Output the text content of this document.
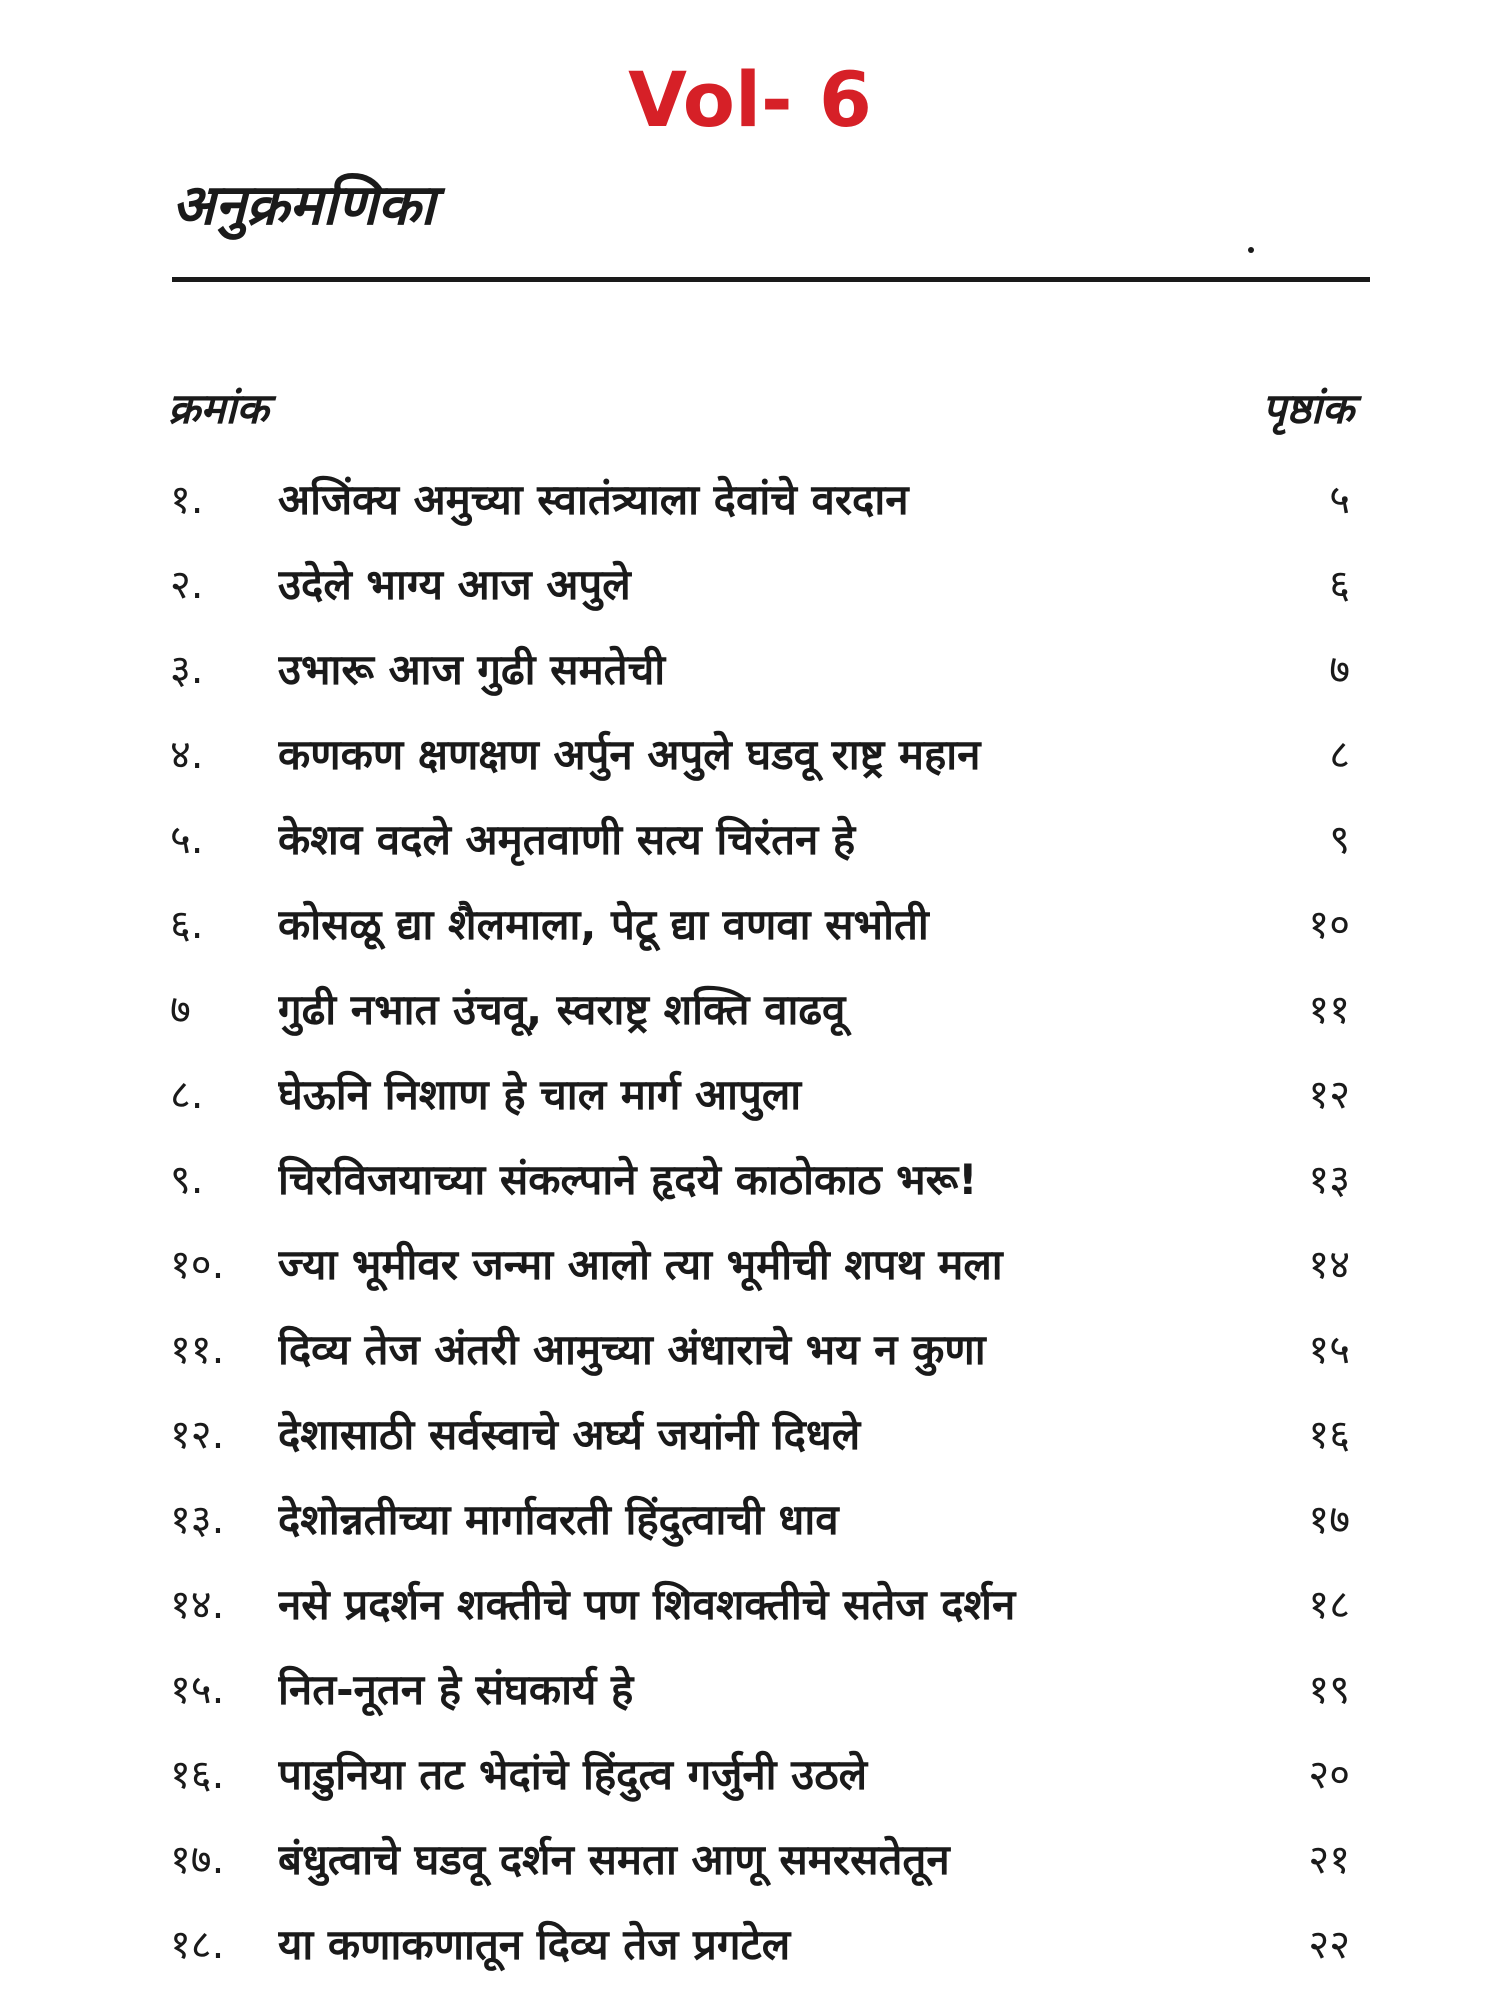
Vol- 6
अनुक्रमणिका
क्रमांक	पृष्ठांक
१.	अजिंक्य अमुच्या स्वातंत्र्याला देवांचे वरदान	५
२.	उदेले भाग्य आज अपुले	६
३.	उभारू आज गुढी समतेची	७
४.	कणकण क्षणक्षण अर्पुन अपुले घडवू राष्ट्र महान	८
५.	केशव वदले अमृतवाणी सत्य चिरंतन हे	९
६.	कोसळू द्या शैलमाला, पेटू द्या वणवा सभोती	१०
७	गुढी नभात उंचवू, स्वराष्ट्र शक्ति वाढवू	११
८.	घेऊनि निशाण हे चाल मार्ग आपुला	१२
९.	चिरविजयाच्या संकल्पाने हृदये काठोकाठ भरू!	१३
१०.	ज्या भूमीवर जन्मा आलो त्या भूमीची शपथ मला	१४
११.	दिव्य तेज अंतरी आमुच्या अंधाराचे भय न कुणा	१५
१२.	देशासाठी सर्वस्वाचे अर्घ्य जयांनी दिधले	१६
१३.	देशोन्नतीच्या मार्गावरती हिंदुत्वाची धाव	१७
१४.	नसे प्रदर्शन शक्तीचे पण शिवशक्तीचे सतेज दर्शन	१८
१५.	नित-नूतन हे संघकार्य हे	१९
१६.	पाडुनिया तट भेदांचे हिंदुत्व गर्जुनी उठले	२०
१७.	बंधुत्वाचे घडवू दर्शन समता आणू समरसतेतून	२१
१८.	या कणाकणातून दिव्य तेज प्रगटेल	२२
